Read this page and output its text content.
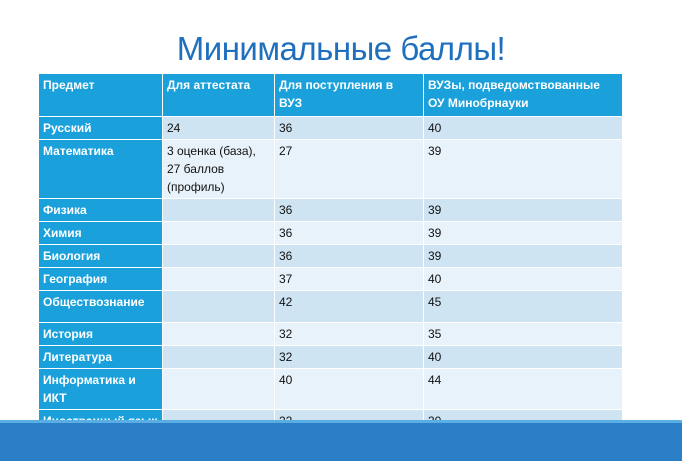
Минимальные баллы!
Предмет	Для аттестата	Для поступления в ВУЗ	ВУЗы, подведомствованные ОУ Минобрнауки
Русский	24	36	40
Математика	3 оценка (база), 27 баллов (профиль)	27	39
Физика		36	39
Химия		36	39
Биология		36	39
География		37	40
Обществознание		42	45
История		32	35
Литература		32	40
Информатика и ИКТ		40	44
